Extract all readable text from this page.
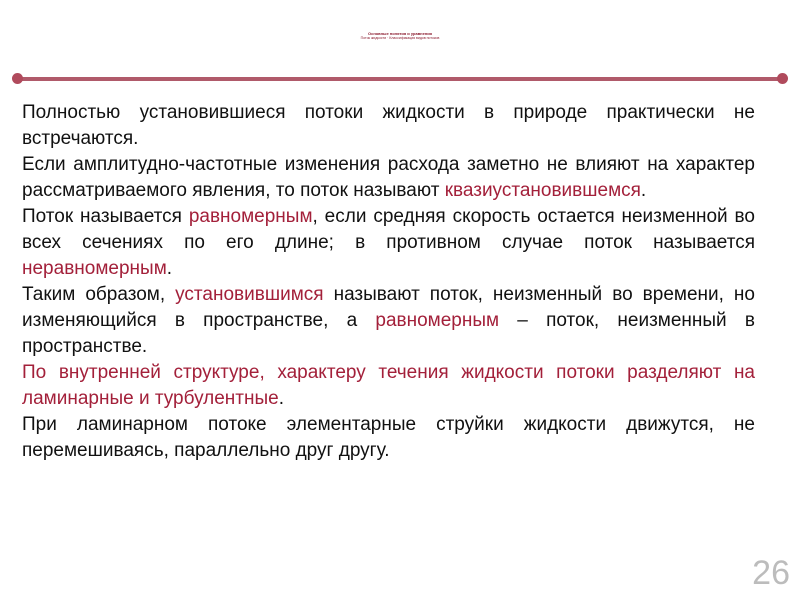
Основные понятия и уравнения
Поток жидкости · Классификация видов потоков

Полностью установившиеся потоки жидкости в природе практически не встречаются.

Если амплитудно-частотные изменения расхода заметно не влияют на характер рассматриваемого явления, то поток называют квазиустановившемся.

Поток называется равномерным, если средняя скорость остается неизменной во всех сечениях по его длине; в противном случае поток называется неравномерным.

Таким образом, установившимся называют поток, неизменный во времени, но изменяющийся в пространстве, а равномерным – поток, неизменный в пространстве.

По внутренней структуре, характеру течения жидкости потоки разделяют на ламинарные и турбулентные.

При ламинарном потоке элементарные струйки жидкости движутся, не перемешиваясь, параллельно друг другу.

26
